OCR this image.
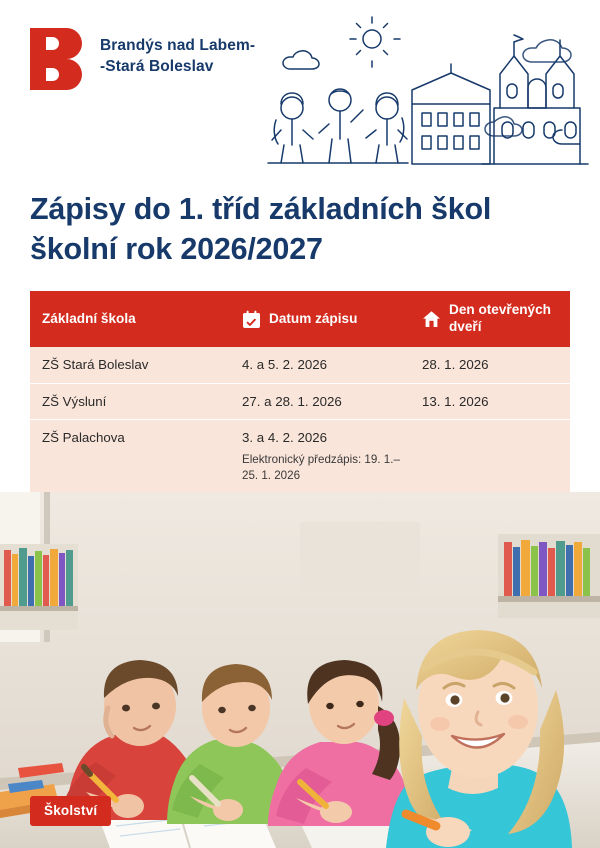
Brandýs nad Labem-
-Stará Boleslav
Zápisy do 1. tříd základních škol
školní rok 2026/2027
Základní škola	Datum zápisu	Den otevřených dveří

ZŠ Stará Boleslav	4. a 5. 2. 2026	28. 1. 2026
ZŠ Výsluní	27. a 28. 1. 2026	13. 1. 2026
ZŠ Palachova	3. a 4. 2. 2026
Elektronický předzápis: 19. 1.–25. 1. 2026	

Školství
